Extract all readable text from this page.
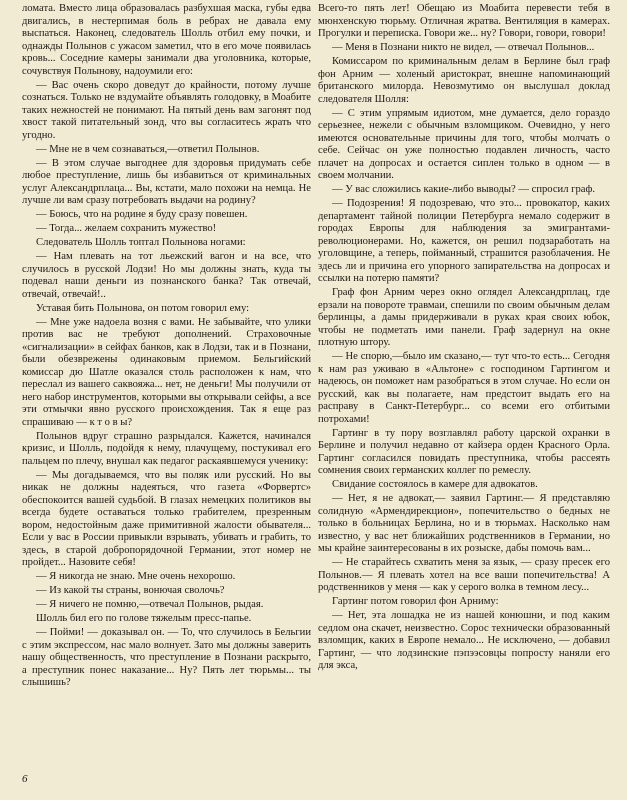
ломата. Вместо лица образовалась разбухшая маска, губы едва двигались, в нестерпимая боль в ребрах не давала ему выспаться. Наконец, следователь Шолль отбил ему почки, и однажды Полынов с ужасом заметил, что в его моче появилась кровь... Соседние камеры занимали два уголовника, которые, сочувствуя Полынову, надоумили его:

— Вас очень скоро доведут до крайности, потому лучше сознаться. Только не вздумайте объявлять голодовку, в Моабите таких нежностей не понимают. На пятый день вам загонят под хвост такой питательный зонд, что вы согласитесь жрать что угодно.

— Мне не в чем сознаваться,—ответил Полынов.

— В этом случае выгоднее для здоровья придумать себе любое преступление, лишь бы избавиться от криминальных услуг Александрплаца... Вы, кстати, мало похожи на немца. Не лучше ли вам сразу потребовать выдачи на родину?

— Боюсь, что на родине я буду сразу повешен.

— Тогда... желаем сохранить мужество!

Следователь Шолль топтал Полынова ногами:

— Нам плевать на тот льежский вагон и на все, что случилось в русской Лодзи! Но мы должны знать, куда ты подевал наши деньги из познанского банка? Так отвечай, отвечай, отвечай!..

Уставая бить Полынова, он потом говорил ему:

— Мне уже надоела возня с вами. Не забывайте, что улики против вас не требуют дополнений. Страховочные «сигнализации» в сейфах банков, как в Лодзи, так и в Познани, были обезврежены одинаковым приемом. Бельгийский комиссар дю Шатле оказался столь расположен к нам, что переслал из вашего саквояжа... нет, не деньги! Мы получили от него набор инструментов, которыми вы открывали сейфы, а все эти отмычки явно русского происхождения. Так я еще раз спрашиваю — к т о в ы?

Полынов вдруг страшно разрыдался. Кажется, начинался кризис, и Шолль, подойдя к нему, плачущему, постукивал его пальцем по плечу, внушал как педагог раскаявшемуся ученику:

— Мы догадываемся, что вы поляк или русский. Но вы никак не должны надеяться, что газета «Форвертс» обеспокоится вашей судьбой. В глазах немецких политиков вы всегда будете оставаться только грабителем, презренным вором, недостойным даже примитивной жалости обывателя... Если у вас в России привыкли взрывать, убивать и грабить, то здесь, в старой добропорядочной Германии, этот номер не пройдет... Назовите себя!

— Я никогда не знаю. Мне очень нехорошо.

— Из какой ты страны, вонючая сволочь?

— Я ничего не помню,—отвечал Полынов, рыдая.

Шолль бил его по голове тяжелым пресс-папье.

— Пойми! — доказывал он. — То, что случилось в Бельгии с этим экспрессом, нас мало волнует. Зато мы должны заверить нашу общественность, что преступление в Познани раскрыто, а преступник понес наказание... Ну? Пять лет тюрьмы... ты слышишь?

Всего-то пять лет! Обещаю из Моабита перевести тебя в мюнхенскую тюрьму. Отличная жратва. Вентиляция в камерах. Прогулки и переписка. Говори же... ну? Говори, говори, говори!

— Меня в Познани никто не видел, — отвечал Полынов...

Комиссаром по криминальным делам в Берлине был граф фон Арним — холеный аристократ, внешне напоминающий британского милорда. Невозмутимо он выслушал доклад следователя Шолля:

— С этим упрямым идиотом, мне думается, дело гораздо серьезнее, нежели с обычным взломщиком. Очевидно, у него имеются основательные причины для того, чтобы молчать о себе. Сейчас он уже полностью подавлен личность, часто плачет на допросах и остается сиплен только в одном — в своем молчании.

— У вас сложились какие-либо выводы? — спросил граф.

— Подозрения! Я подозреваю, что это... провокатор, каких департамент тайной полиции Петербурга немало содержит в городах Европы для наблюдения за эмигрантами-революционерами. Но, кажется, он решил подзаработать на уголовщине, а теперь, пойманный, страшится разоблачения. Не здесь ли и причина его упорного запирательства на допросах и ссылки на потерю памяти?

Граф фон Арним через окно оглядел Александрплац, где ерзали на повороте травмаи, спешили по своим обычным делам берлинцы, а дамы придерживали в руках края своих юбок, чтобы не подметать ими панели. Граф задернул на окне плотную штору.

— Не спорю,—было им сказано,— тут что-то есть... Сегодня к нам раз уживаю в «Альтоне» с господином Гартингом и надеюсь, он поможет нам разобраться в этом случае. Но если он русский, как вы полагаете, нам предстоит выдать его на расправу в Санкт-Петербург... со всеми его отбитыми потрохами!

Гартинг в ту пору возглавлял работу царской охранки в Берлине и получил недавно от кайзера орден Красного Орла. Гартинг согласился повидать преступника, чтобы рассеять сомнения своих германских коллег по ремеслу.

Свидание состоялось в камере для адвокатов.

— Нет, я не адвокат,— заявил Гартинг.— Я представляю солидную «Армендирекцион», попечительство о бедных не только в больницах Берлина, но и в тюрьмах. Насколько нам известно, у вас нет ближайших родственников в Германии, но мы крайне заинтересованы в их розыске, дабы помочь вам...

— Не старайтесь схватить меня за язык, — сразу пресек его Полынов.— Я плевать хотел на все ваши попечительства! А родственников у меня — как у серого волка в темном лесу...

Гартинг потом говорил фон Арниму:

— Нет, эта лошадка не из нашей конюшни, и под каким седлом она скачет, неизвестно. Сорос технически образованный взломщик, каких в Европе немало... Не исключено, — добавил Гартинг, — что лодзинские пэпээсовцы попросту наняли его для экса,

6
